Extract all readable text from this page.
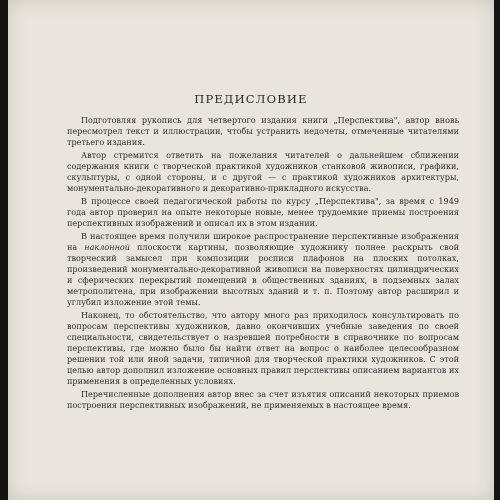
ПРЕДИСЛОВИЕ

Подготовляя рукопись для четвертого издания книги „Перспектива", автор вновь пересмотрел текст и иллюстрации, чтобы устранить недочеты, отмеченные читателями третьего издания.

Автор стремится ответить на пожелания читателей о дальнейшем сближении содержания книги с творческой практикой художников станковой живописи, графики, скульптуры, с одной стороны, и с другой — с практикой художников архитектуры, монументально-декоративного и декоративно-прикладного искусства.

В процессе своей педагогической работы по курсу „Перспектива", за время с 1949 года автор проверил на опыте некоторые новые, менее трудоемкие приемы построения перспективных изображений и описал их в этом издании.

В настоящее время получили широкое распространение перспективные изображения на наклонной плоскости картины, позволяющие художнику полнее раскрыть свой творческий замысел при композиции росписи плафонов на плоских потолках, произведений монументально-декоративной живописи на поверхностях цилиндрических и сферических перекрытий помещений в общественных зданиях, в подземных залах метрополитена, при изображении высотных зданий и т. п. Поэтому автор расширил и углубил изложение этой темы.

Наконец, то обстоятельство, что автору много раз приходилось консультировать по вопросам перспективы художников, давно окончивших учебные заведения по своей специальности, свидетельствует о назревшей потребности в справочнике по вопросам перспективы, где можно было бы найти ответ на вопрос о наиболее целесообразном решении той или иной задачи, типичной для творческой практики художников. С этой целью автор дополнил изложение основных правил перспективы описанием вариантов их применения в определенных условиях.

Перечисленные дополнения автор внес за счет изъятия описаний некоторых приемов построения перспективных изображений, не применяемых в настоящее время.
